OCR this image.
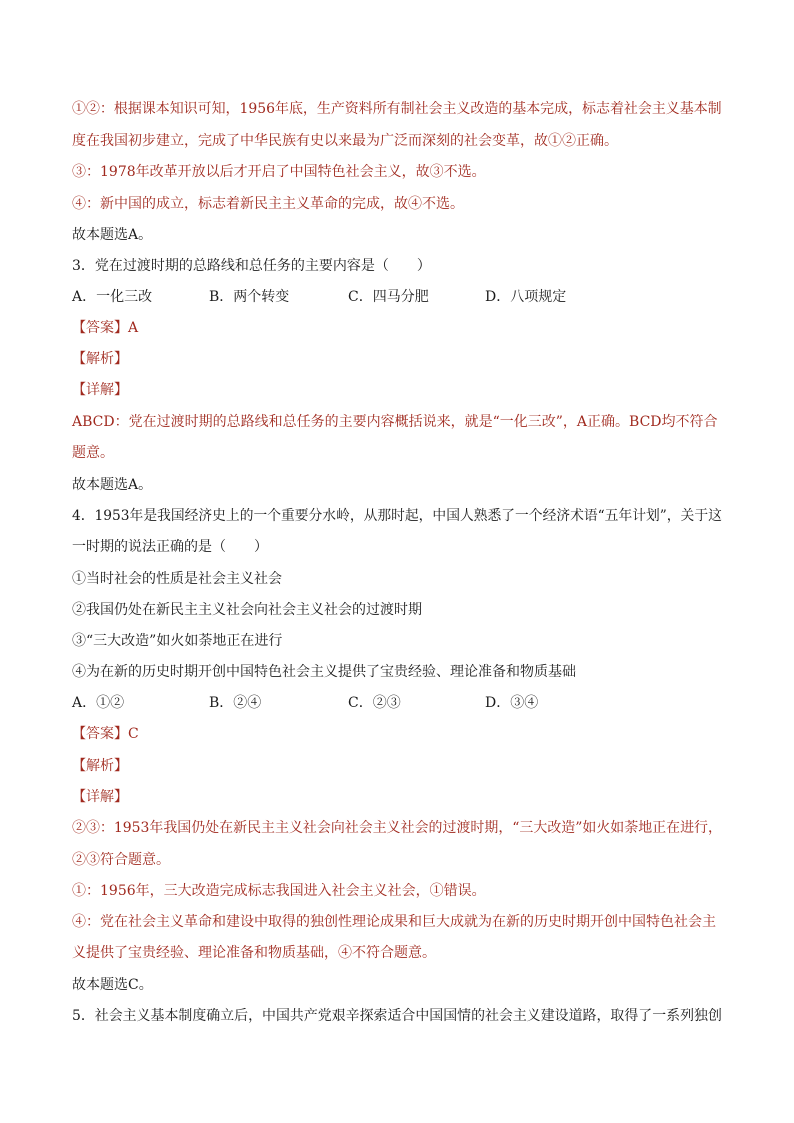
①②：根据课本知识可知，1956年底，生产资料所有制社会主义改造的基本完成，标志着社会主义基本制
度在我国初步建立，完成了中华民族有史以来最为广泛而深刻的社会变革，故①②正确。
③：1978年改革开放以后才开启了中国特色社会主义，故③不选。
④：新中国的成立，标志着新民主主义革命的完成，故④不选。
故本题选A。
3．党在过渡时期的总路线和总任务的主要内容是（　　）
A．一化三改	B．两个转变	C．四马分肥	D．八项规定
【答案】A
【解析】
【详解】
ABCD：党在过渡时期的总路线和总任务的主要内容概括说来，就是“一化三改”，A正确。BCD均不符合
题意。
故本题选A。
4．1953年是我国经济史上的一个重要分水岭，从那时起，中国人熟悉了一个经济术语“五年计划”，关于这
一时期的说法正确的是（　　）
①当时社会的性质是社会主义社会
②我国仍处在新民主主义社会向社会主义社会的过渡时期
③“三大改造”如火如荼地正在进行
④为在新的历史时期开创中国特色社会主义提供了宝贵经验、理论准备和物质基础
A．①②	B．②④	C．②③	D．③④
【答案】C
【解析】
【详解】
②③：1953年我国仍处在新民主主义社会向社会主义社会的过渡时期，“三大改造”如火如荼地正在进行，
②③符合题意。
①：1956年，三大改造完成标志我国进入社会主义社会，①错误。
④：党在社会主义革命和建设中取得的独创性理论成果和巨大成就为在新的历史时期开创中国特色社会主
义提供了宝贵经验、理论准备和物质基础，④不符合题意。
故本题选C。
5．社会主义基本制度确立后，中国共产党艰辛探索适合中国国情的社会主义建设道路，取得了一系列独创
